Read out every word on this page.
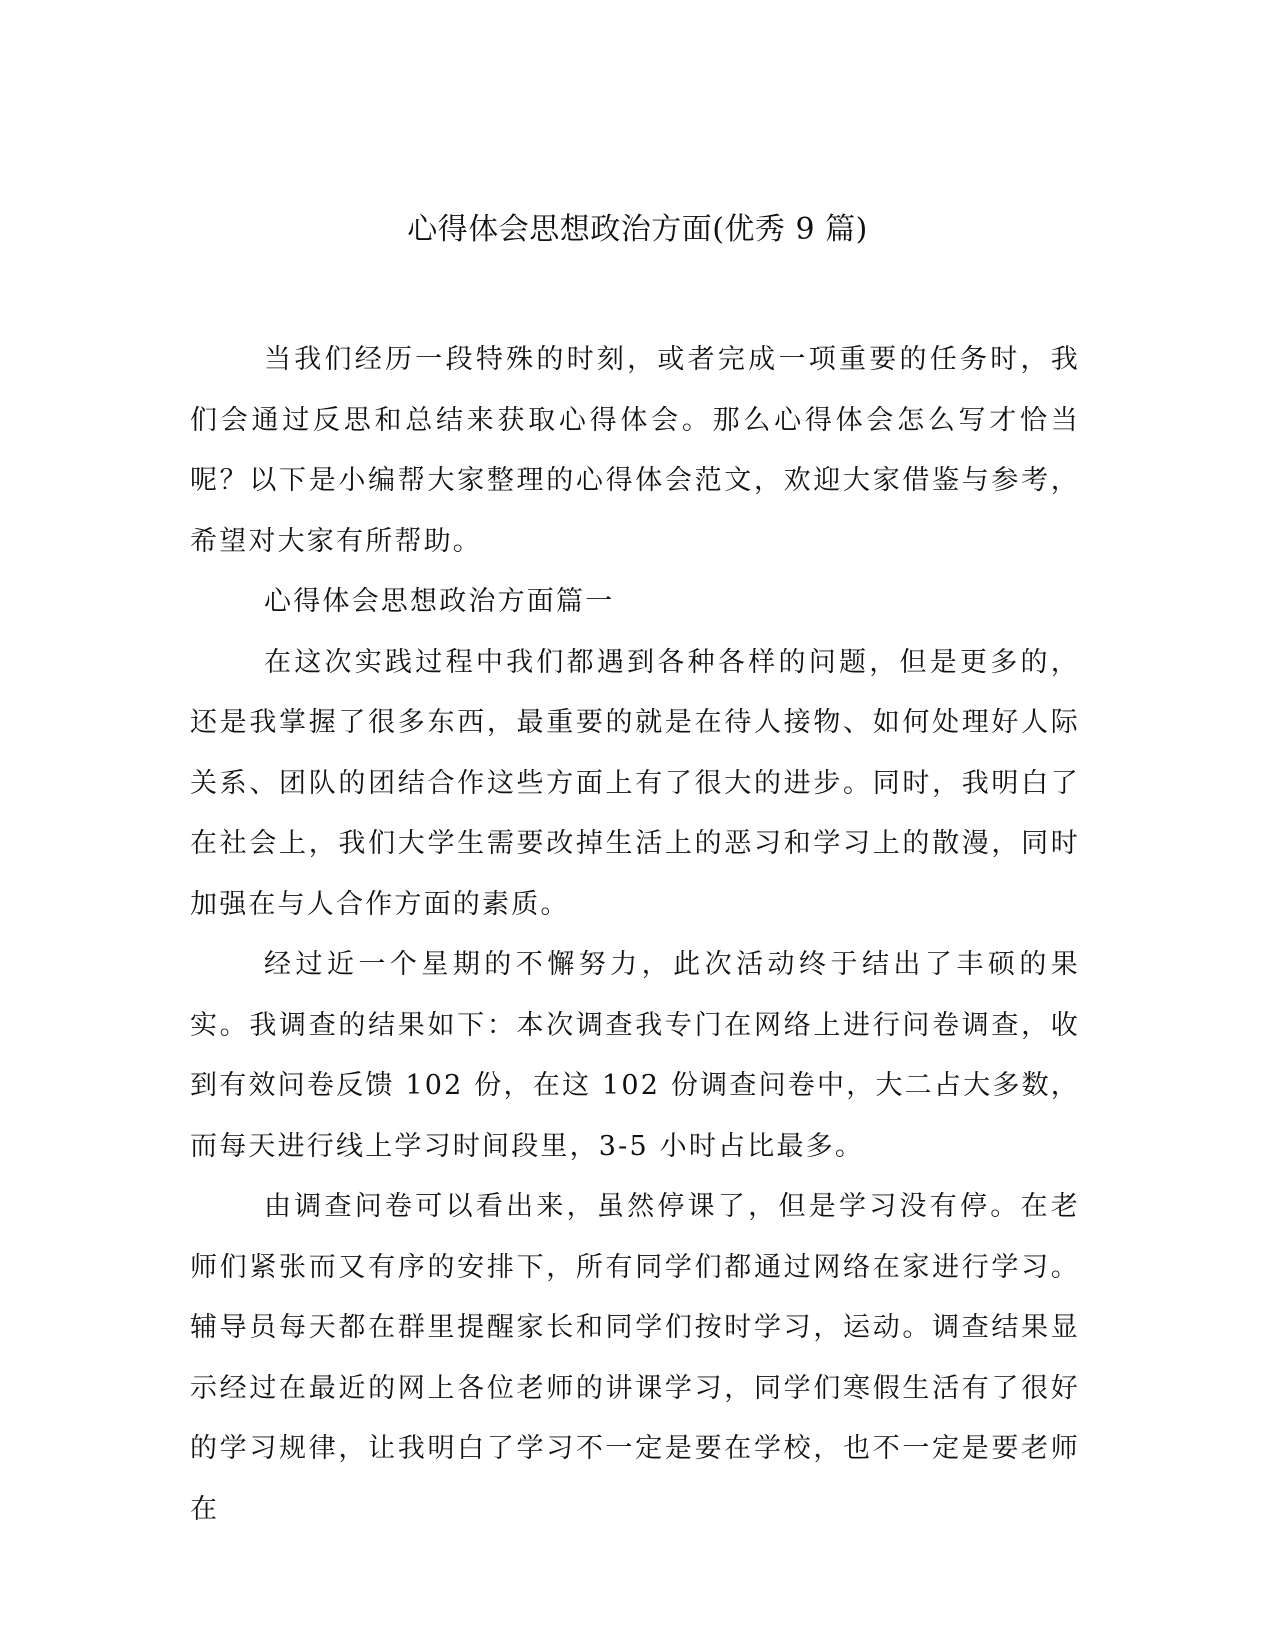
心得体会思想政治方面(优秀 9 篇)

当我们经历一段特殊的时刻，或者完成一项重要的任务时，我们会通过反思和总结来获取心得体会。那么心得体会怎么写才恰当呢？以下是小编帮大家整理的心得体会范文，欢迎大家借鉴与参考，希望对大家有所帮助。

心得体会思想政治方面篇一

在这次实践过程中我们都遇到各种各样的问题，但是更多的，还是我掌握了很多东西，最重要的就是在待人接物、如何处理好人际关系、团队的团结合作这些方面上有了很大的进步。同时，我明白了在社会上，我们大学生需要改掉生活上的恶习和学习上的散漫，同时加强在与人合作方面的素质。

经过近一个星期的不懈努力，此次活动终于结出了丰硕的果实。我调查的结果如下：本次调查我专门在网络上进行问卷调查，收到有效问卷反馈 102 份，在这 102 份调查问卷中，大二占大多数，而每天进行线上学习时间段里，3-5 小时占比最多。

由调查问卷可以看出来，虽然停课了，但是学习没有停。在老师们紧张而又有序的安排下，所有同学们都通过网络在家进行学习。辅导员每天都在群里提醒家长和同学们按时学习，运动。调查结果显示经过在最近的网上各位老师的讲课学习，同学们寒假生活有了很好的学习规律，让我明白了学习不一定是要在学校，也不一定是要老师在
